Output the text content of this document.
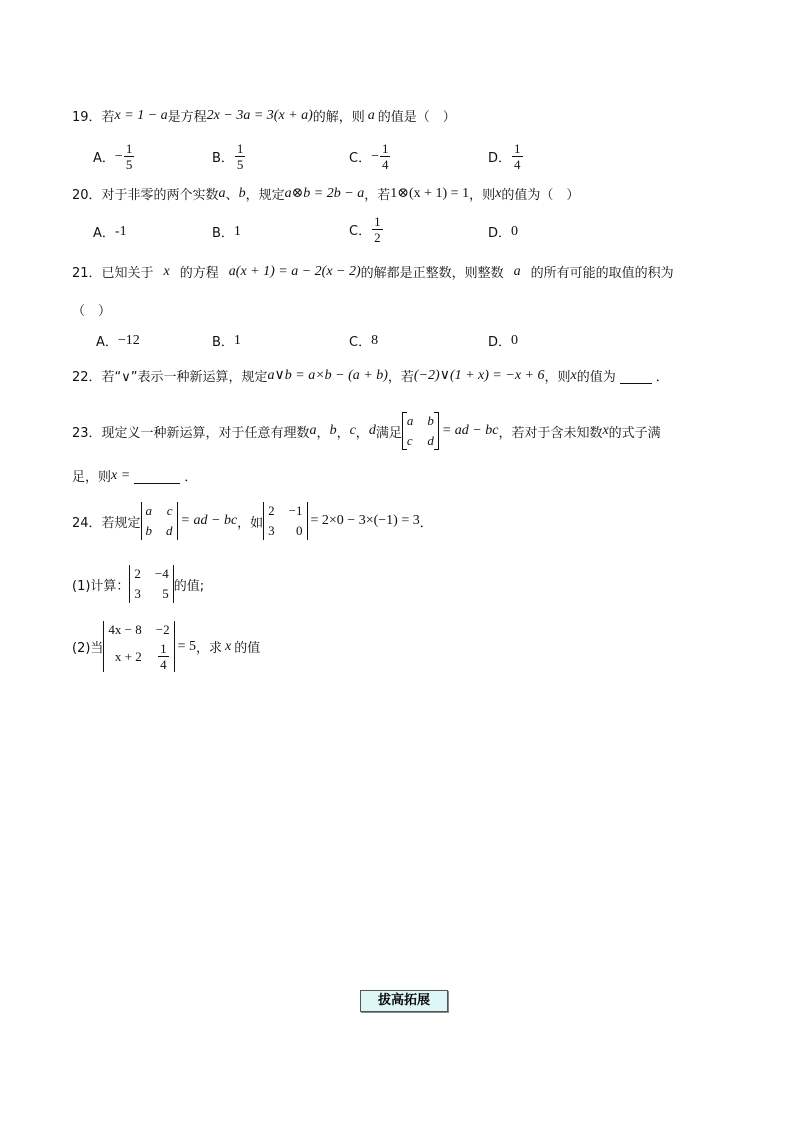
19．若 x = 1 − a 是方程 2x − 3a = 3(x + a) 的解，则 a 的值是（　）
A． − $\frac{1}{5}$	B． $\frac{1}{5}$	C． − $\frac{1}{4}$	D． $\frac{1}{4}$
20．对于非零的两个实数 a 、 b ，规定 a⊗b = 2b − a ，若 1⊗(x + 1) = 1 ，则 x 的值为（　）
A． -1	B． 1	C． $\frac{1}{2}$	D． 0
21．已知关于 x 的方程 a(x + 1) = a − 2(x − 2) 的解都是正整数，则整数 a 的所有可能的取值的积为
（　）
A． −12	B． 1	C． 8	D． 0
22．若“∨”表示一种新运算，规定 a∨b = a×b − (a + b) ，若 (−2)∨(1 + x) = −x + 6 ，则 x 的值为
	．
23．现定义一种新运算，对于任意有理数 a ， b ， c ， d 满足
a b
c d
= ad − bc ，若对于含未知数 x 的式子满
足，则 x =
	．
24．若规定
a c
b d
= ad − bc ，如
2 −1
3	0
= 2×0 − 3×(−1) = 3 ．
(1)计算：
2 −4
3	5 的值;
(2)当
4x − 8 −2
$x + 2 \frac{1}{4} = 5$ ，求 x 的值
拔高拓展
